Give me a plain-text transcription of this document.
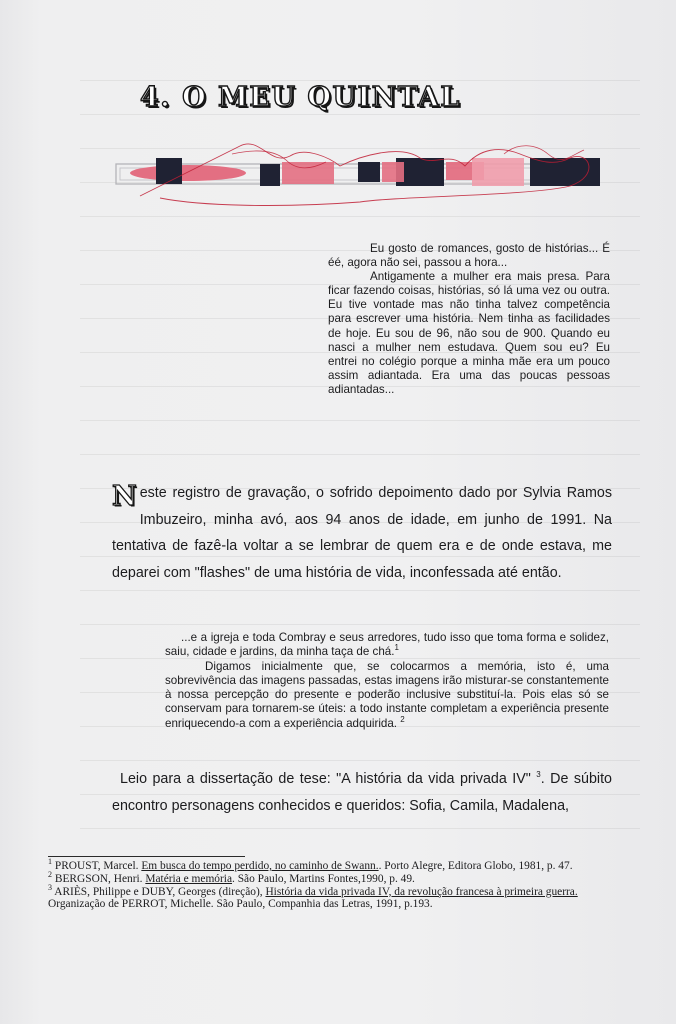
4. O MEU QUINTAL

Eu gosto de romances, gosto de histórias... É éé, agora não sei, passou a hora...

Antigamente a mulher era mais presa. Para ficar fazendo coisas, histórias, só lá uma vez ou outra. Eu tive vontade mas não tinha talvez competência para escrever uma história. Nem tinha as facilidades de hoje. Eu sou de 96, não sou de 900. Quando eu nasci a mulher nem estudava. Quem sou eu? Eu entrei no colégio porque a minha mãe era um pouco assim adiantada. Era uma das poucas pessoas adiantadas...

Neste registro de gravação, o sofrido depoimento dado por Sylvia Ramos Imbuzeiro, minha avó, aos 94 anos de idade, em junho de 1991. Na tentativa de fazê-la voltar a se lembrar de quem era e de onde estava, me deparei com "flashes" de uma história de vida, inconfessada até então.

...e a igreja e toda Combray e seus arredores, tudo isso que toma forma e solidez, saiu, cidade e jardins, da minha taça de chá.$^1$

Digamos inicialmente que, se colocarmos a memória, isto é, uma sobrevivência das imagens passadas, estas imagens irão misturar-se constantemente à nossa percepção do presente e poderão inclusive substituí-la. Pois elas só se conservam para tornarem-se úteis: a todo instante completam a experiência presente enriquecendo-a com a experiência adquirida. $^2$

Leio para a dissertação de tese: "A história da vida privada IV" $^3$. De súbito encontro personagens conhecidos e queridos: Sofia, Camila, Madalena,

$^1$ PROUST, Marcel. Em busca do tempo perdido, no caminho de Swann.. Porto Alegre, Editora Globo, 1981, p. 47.

$^2$ BERGSON, Henri. Matéria e memória. São Paulo, Martins Fontes,1990, p. 49.

$^3$ ARIÈS, Philippe e DUBY, Georges (direção), História da vida privada IV, da revolução francesa à primeira guerra. Organização de PERROT, Michelle. São Paulo, Companhia das Letras, 1991, p.193.
